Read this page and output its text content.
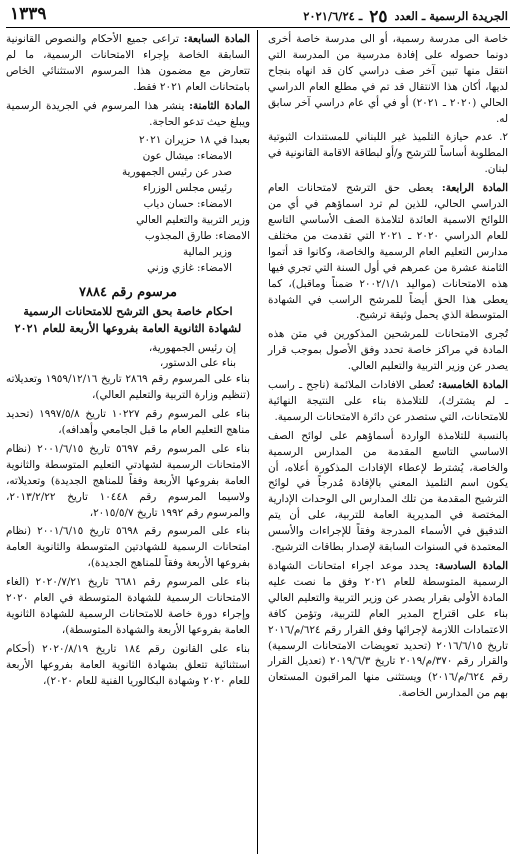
الجريدة الرسمية ـ العدد ٢٥ ـ ٢٠٢١/٦/٢٤
١٣٣٩

خاصة الى مدرسة رسمية، أو الى مدرسة خاصة أخرى دونما حصوله على إفادة مدرسية من المدرسة التي انتقل منها تبين آخر صف دراسي كان قد انهاه بنجاح لديها، أكان هذا الانتقال قد تم في مطلع العام الدراسي الحالي (٢٠٢٠ ـ ٢٠٢١) أو في أي عام دراسي آخر سابق له.

٢. عدم حيازة التلميذ غير اللبناني للمستندات الثبوتية المطلوبة أساساً للترشح و/أو لبطاقة الاقامة القانونية في لبنان.

المادة الرابعة: يعطى حق الترشح لامتحانات العام الدراسي الحالي، للذين لم ترد اسماؤهم في أي من اللوائح الاسمية العائدة لتلامذة الصف الأساسي التاسع للعام الدراسي ٢٠٢٠ ـ ٢٠٢١ التي تقدمت من مختلف مدارس التعليم العام الرسمية والخاصة، وكانوا قد أتموا الثامنة عشرة من عمرهم في أول السنة التي تجري فيها هذه الامتحانات (مواليد ٢٠٠٢/١/١ ضمناً وماقبل)، كما يعطى هذا الحق أيضاً للمرشح الراسب في الشهادة المتوسطة الذي يحمل وثيقة ترشيح.

تُجرى الامتحانات للمرشحين المذكورين في متن هذه المادة في مراكز خاصة تحدد وفق الأصول بموجب قرار يصدر عن وزير التربية والتعليم العالي.

المادة الخامسة: تُعطى الافادات الملائمة (ناجح ـ راسب ـ لم يشترك)، للتلامذة بناء على النتيجة النهائية للامتحانات، التي ستصدر عن دائرة الامتحانات الرسمية.

بالنسبة للتلامذة الواردة أسماؤهم على لوائح الصف الاساسي التاسع المقدمة من المدارس الرسمية والخاصة، يُشترط لإعطاء الإفادات المذكورة أعلاه، أن يكون اسم التلميذ المعني بالإفادة مُدرجاً في لوائح الترشيح المقدمة من تلك المدارس الى الوحدات الإدارية المختصة في المديرية العامة للتربية، على أن يتم التدقيق في الأسماء المدرجة وفقاً للإجراءات والأسس المعتمدة في السنوات السابقة لإصدار بطاقات الترشيح.

المادة السادسة: يحدد موعد اجراء امتحانات الشهادة الرسمية المتوسطة للعام ٢٠٢١ وفق ما نصت عليه المادة الأولى بقرار يصدر عن وزير التربية والتعليم العالي بناء على اقتراح المدير العام للتربية، وتؤمن كافة الاعتمادات اللازمة لإجرائها وفق القرار رقم ٦٢٤/م/٢٠١٦ تاريخ ٢٠١٦/٦/١٥ (تحديد تعويضات الامتحانات الرسمية) والقرار رقم ٣٧٠/م/٢٠١٩ تاريخ ٢٠١٩/٦/٣ (تعديل القرار رقم ٦٢٤/م/٢٠١٦) ويستثنى منها المراقبون المستعان بهم من المدارس الخاصة.

المادة السابعة: تراعى جميع الأحكام والنصوص القانونية السابقة الخاصة بإجراء الامتحانات الرسمية، ما لم تتعارض مع مضمون هذا المرسوم الاستثنائي الخاص بامتحانات العام ٢٠٢١ فقط.

المادة الثامنة: ينشر هذا المرسوم في الجريدة الرسمية ويبلغ حيث تدعو الحاجة.

بعبدا في ١٨ حزيران ٢٠٢١

الامضاء: ميشال عون

صدر عن رئيس الجمهورية

رئيس مجلس الوزراء

الامضاء: حسان دياب

وزير التربية والتعليم العالي

الامضاء: طارق المجذوب

وزير المالية

الامضاء: غازي وزني

مرسوم رقم ٧٨٨٤
احكام خاصة بحق الترشح للامتحانات الرسمية لشهادة الثانوية العامة بفروعها الأربعة للعام ٢٠٢١

إن رئيس الجمهورية،

بناء على الدستور،

بناء على المرسوم رقم ٢٨٦٩ تاريخ ١٩٥٩/١٢/١٦ وتعديلاته (تنظيم وزارة التربية والتعليم العالي)،

بناء على المرسوم رقم ١٠٢٢٧ تاريخ ١٩٩٧/٥/٨ (تحديد مناهج التعليم العام ما قبل الجامعي وأهدافه)،

بناء على المرسوم رقم ٥٦٩٧ تاريخ ٢٠٠١/٦/١٥ (نظام الامتحانات الرسمية لشهادتي التعليم المتوسطة والثانوية العامة بفروعها الأربعة وفقاً للمناهج الجديدة) وتعديلاته، ولاسيما المرسوم رقم ١٠٤٤٨ تاريخ ٢٠١٣/٢/٢٢، والمرسوم رقم ١٩٩٢ تاريخ ٢٠١٥/٥/٧،

بناء على المرسوم رقم ٥٦٩٨ تاريخ ٢٠٠١/٦/١٥ (نظام امتحانات الرسمية للشهادتين المتوسطة والثانوية العامة بفروعها الأربعة وفقاً للمناهج الجديدة)،

بناء على المرسوم رقم ٦٦٨١ تاريخ ٢٠٢٠/٧/٢١ (الغاء الامتحانات الرسمية للشهادة المتوسطة في العام ٢٠٢٠ وإجراء دورة خاصة للامتحانات الرسمية للشهادة الثانوية العامة بفروعها الأربعة والشهادة المتوسطة)،

بناء على القانون رقم ١٨٤ تاريخ ٢٠٢٠/٨/١٩ (أحكام استثنائية تتعلق بشهادة الثانوية العامة بفروعها الأربعة للعام ٢٠٢٠ وشهادة البكالوريا الفنية للعام ٢٠٢٠)،
